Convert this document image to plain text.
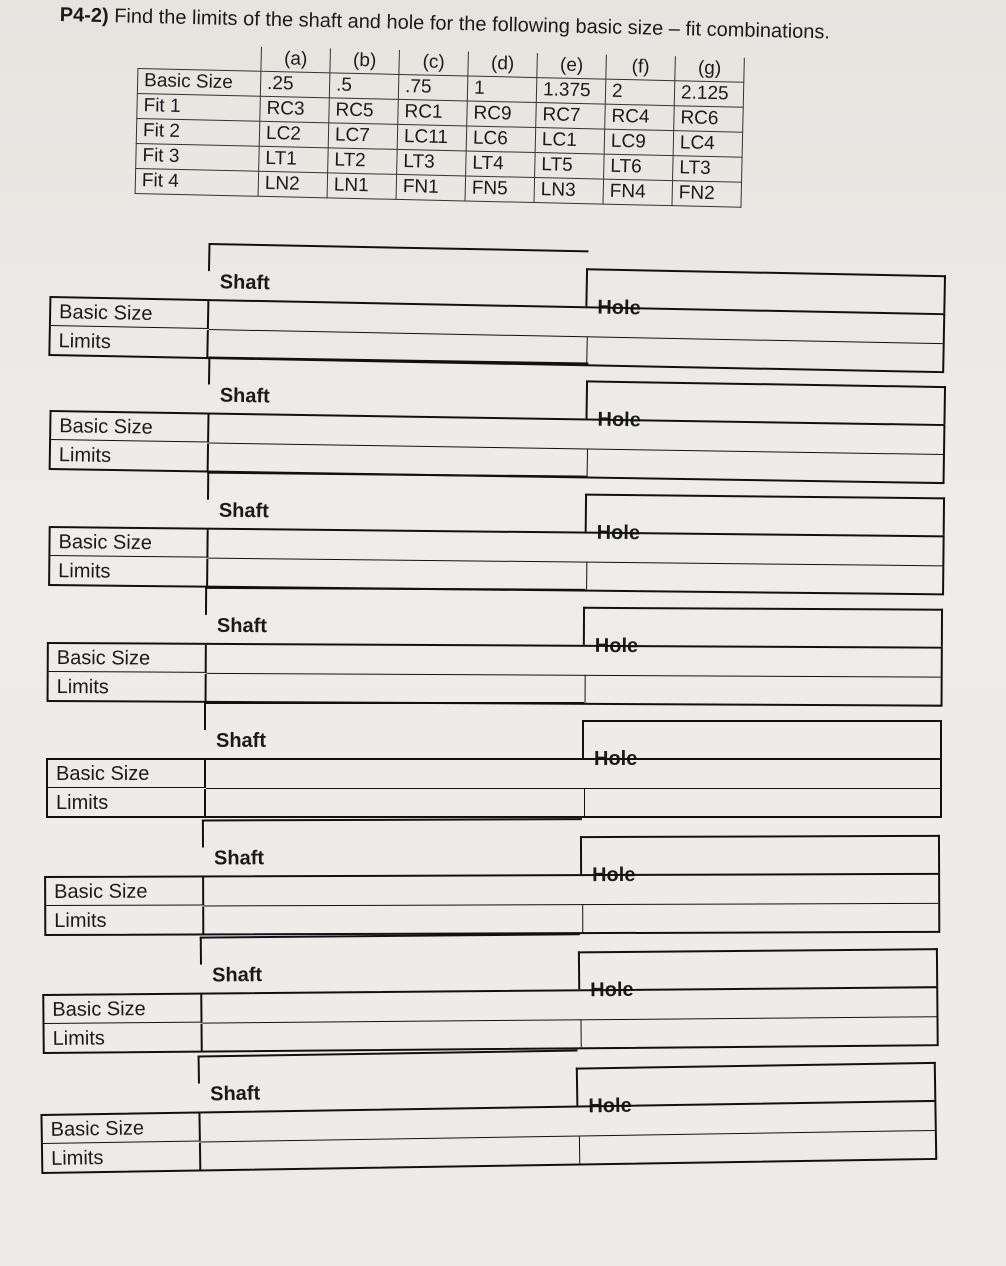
P4-2) Find the limits of the shaft and hole for the following basic size – fit combinations.
	(a)	(b)	(c)	(d)	(e)	(f)	(g)
Basic Size	.25	.5	.75	1	1.375	2	2.125
Fit 1	RC3	RC5	RC1	RC9	RC7	RC4	RC6
Fit 2	LC2	LC7	LC11	LC6	LC1	LC9	LC4
Fit 3	LT1	LT2	LT3	LT4	LT5	LT6	LT3
Fit 4	LN2	LN1	FN1	FN5	LN3	FN4	FN2
Shaft
Hole
Basic Size
Limits
Shaft
Hole
Basic Size
Limits
Shaft
Hole
Basic Size
Limits
Shaft
Hole
Basic Size
Limits
Shaft
Hole
Basic Size
Limits
Shaft
Hole
Basic Size
Limits
Shaft
Hole
Basic Size
Limits
Shaft
Hole
Basic Size
Limits
